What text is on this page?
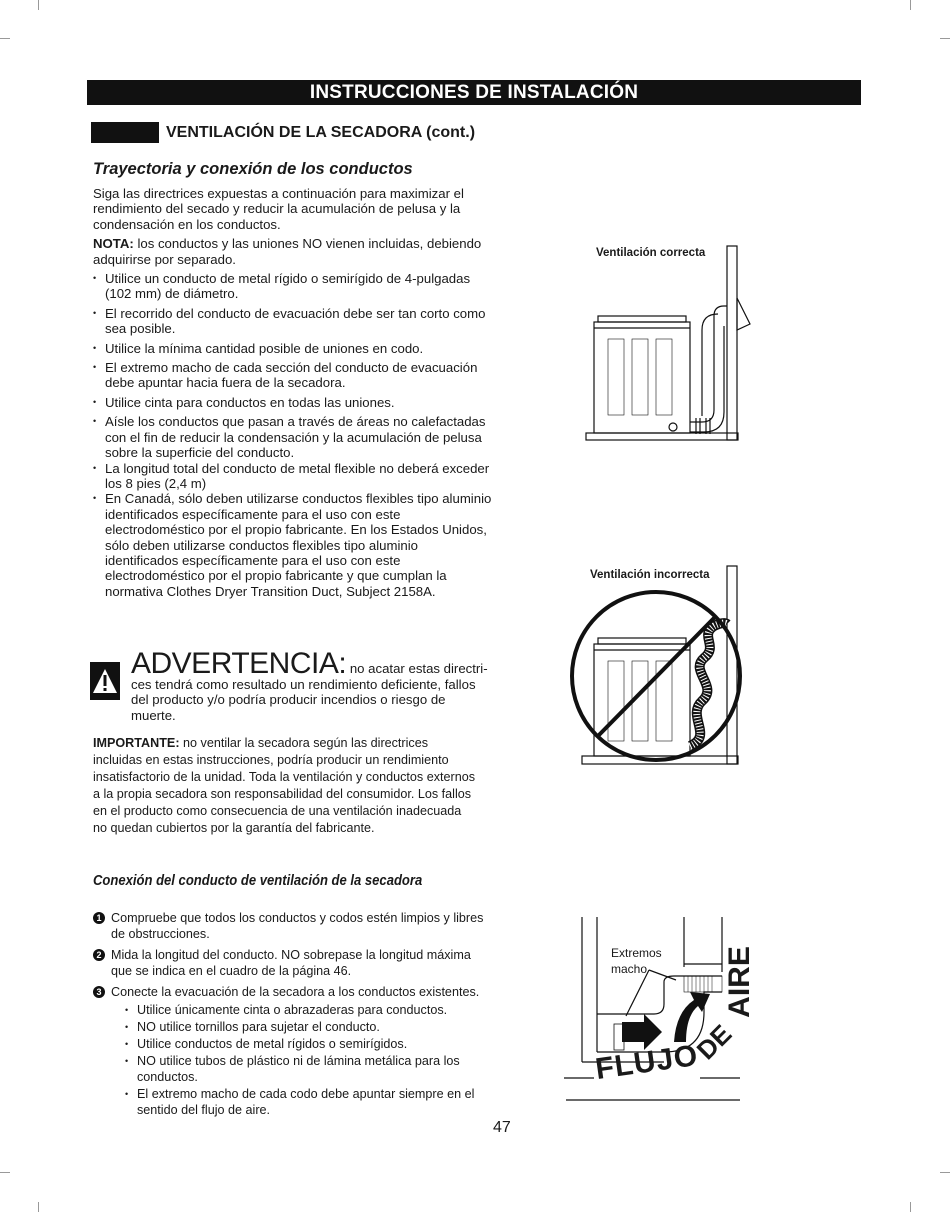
INSTRUCCIONES DE INSTALACIÓN
VENTILACIÓN DE LA SECADORA (cont.)
Trayectoria y conexión de los conductos

Siga las directrices expuestas a continuación para maximizar el rendimiento del secado y reducir la acumulación de pelusa y la condensación en los conductos.

NOTA: los conductos y las uniones NO vienen incluidas, debiendo adquirirse por separado.

• Utilice un conducto de metal rígido o semirígido de 4-pulgadas (102 mm) de diámetro.
• El recorrido del conducto de evacuación debe ser tan corto como sea posible.
• Utilice la mínima cantidad posible de uniones en codo.
• El extremo macho de cada sección del conducto de evacuación debe apuntar hacia fuera de la secadora.
• Utilice cinta para conductos en todas las uniones.
• Aísle los conductos que pasan a través de áreas no calefactadas con el fin de reducir la condensación y la acumulación de pelusa sobre la superficie del conducto.
• La longitud total del conducto de metal flexible no deberá exceder los 8 pies (2,4 m)
• En Canadá, sólo deben utilizarse conductos flexibles tipo aluminio identificados específicamente para el uso con este electrodoméstico por el propio fabricante. En los Estados Unidos, sólo deben utilizarse conductos flexibles tipo aluminio identificados específicamente para el uso con este electrodoméstico por el propio fabricante y que cumplan la normativa Clothes Dryer Transition Duct, Subject 2158A.
ADVERTENCIA: no acatar estas directri-
ces tendrá como resultado un rendimiento deficiente, fallos del producto y/o podría producir incendios o riesgo de muerte.
IMPORTANTE: no ventilar la secadora según las directrices incluidas en estas instrucciones, podría producir un rendimiento insatisfactorio de la unidad. Toda la ventilación y conductos externos a la propia secadora son responsabilidad del consumidor. Los fallos en el producto como consecuencia de una ventilación inadecuada no quedan cubiertos por la garantía del fabricante.
Conexión del conducto de ventilación de la secadora
1 Compruebe que todos los conductos y codos estén limpios y libres de obstrucciones.
2 Mida la longitud del conducto. NO sobrepase la longitud máxima que se indica en el cuadro de la página 46.
3 Conecte la evacuación de la secadora a los conductos existentes.
• Utilice únicamente cinta o abrazaderas para conductos.
• NO utilice tornillos para sujetar el conducto.
• Utilice conductos de metal rígidos o semirígidos.
• NO utilice tubos de plástico ni de lámina metálica para los conductos.
• El extremo macho de cada codo debe apuntar siempre en el sentido del flujo de aire.
47
Ventilación correcta
Ventilación incorrecta
Extremos
macho
FLUJO
DE
AIRE
